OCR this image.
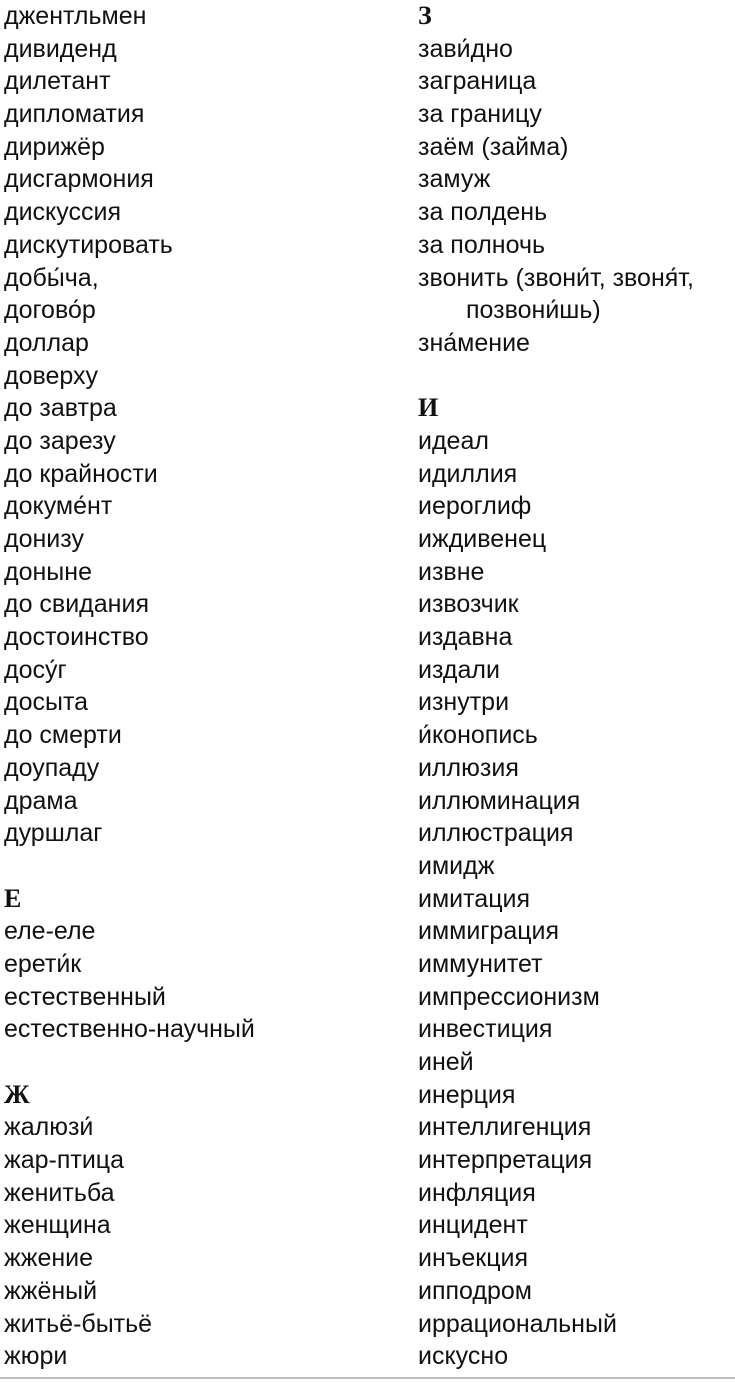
джентльмен
дивиденд
дилетант
дипломатия
дирижёр
дисгармония
дискуссия
дискутировать
добы́ча,
догово́р
доллар
доверху
до завтра
до зарезу
до крайности
докуме́нт
донизу
доныне
до свидания
достоинство
досу́г
досыта
до смерти
доупаду
драма
дуршлаг
Е
еле-еле
ерети́к
естественный
естественно-научный
Ж
жалюзи́
жар-птица
женитьба
женщина
жжение
жжёный
житьё-бытьё
жюри
З
зави́дно
заграница
за границу
заём (займа)
замуж
за полдень
за полночь
звонить (звони́т, звоня́т,
позвони́шь)
зна́мение
И
идеал
идиллия
иероглиф
иждивенец
извне
извозчик
издавна
издали
изнутри
и́конопись
иллюзия
иллюминация
иллюстрация
имидж
имитация
иммиграция
иммунитет
импрессионизм
инвестиция
иней
инерция
интеллигенция
интерпретация
инфляция
инцидент
инъекция
ипподром
иррациональный
искусно
